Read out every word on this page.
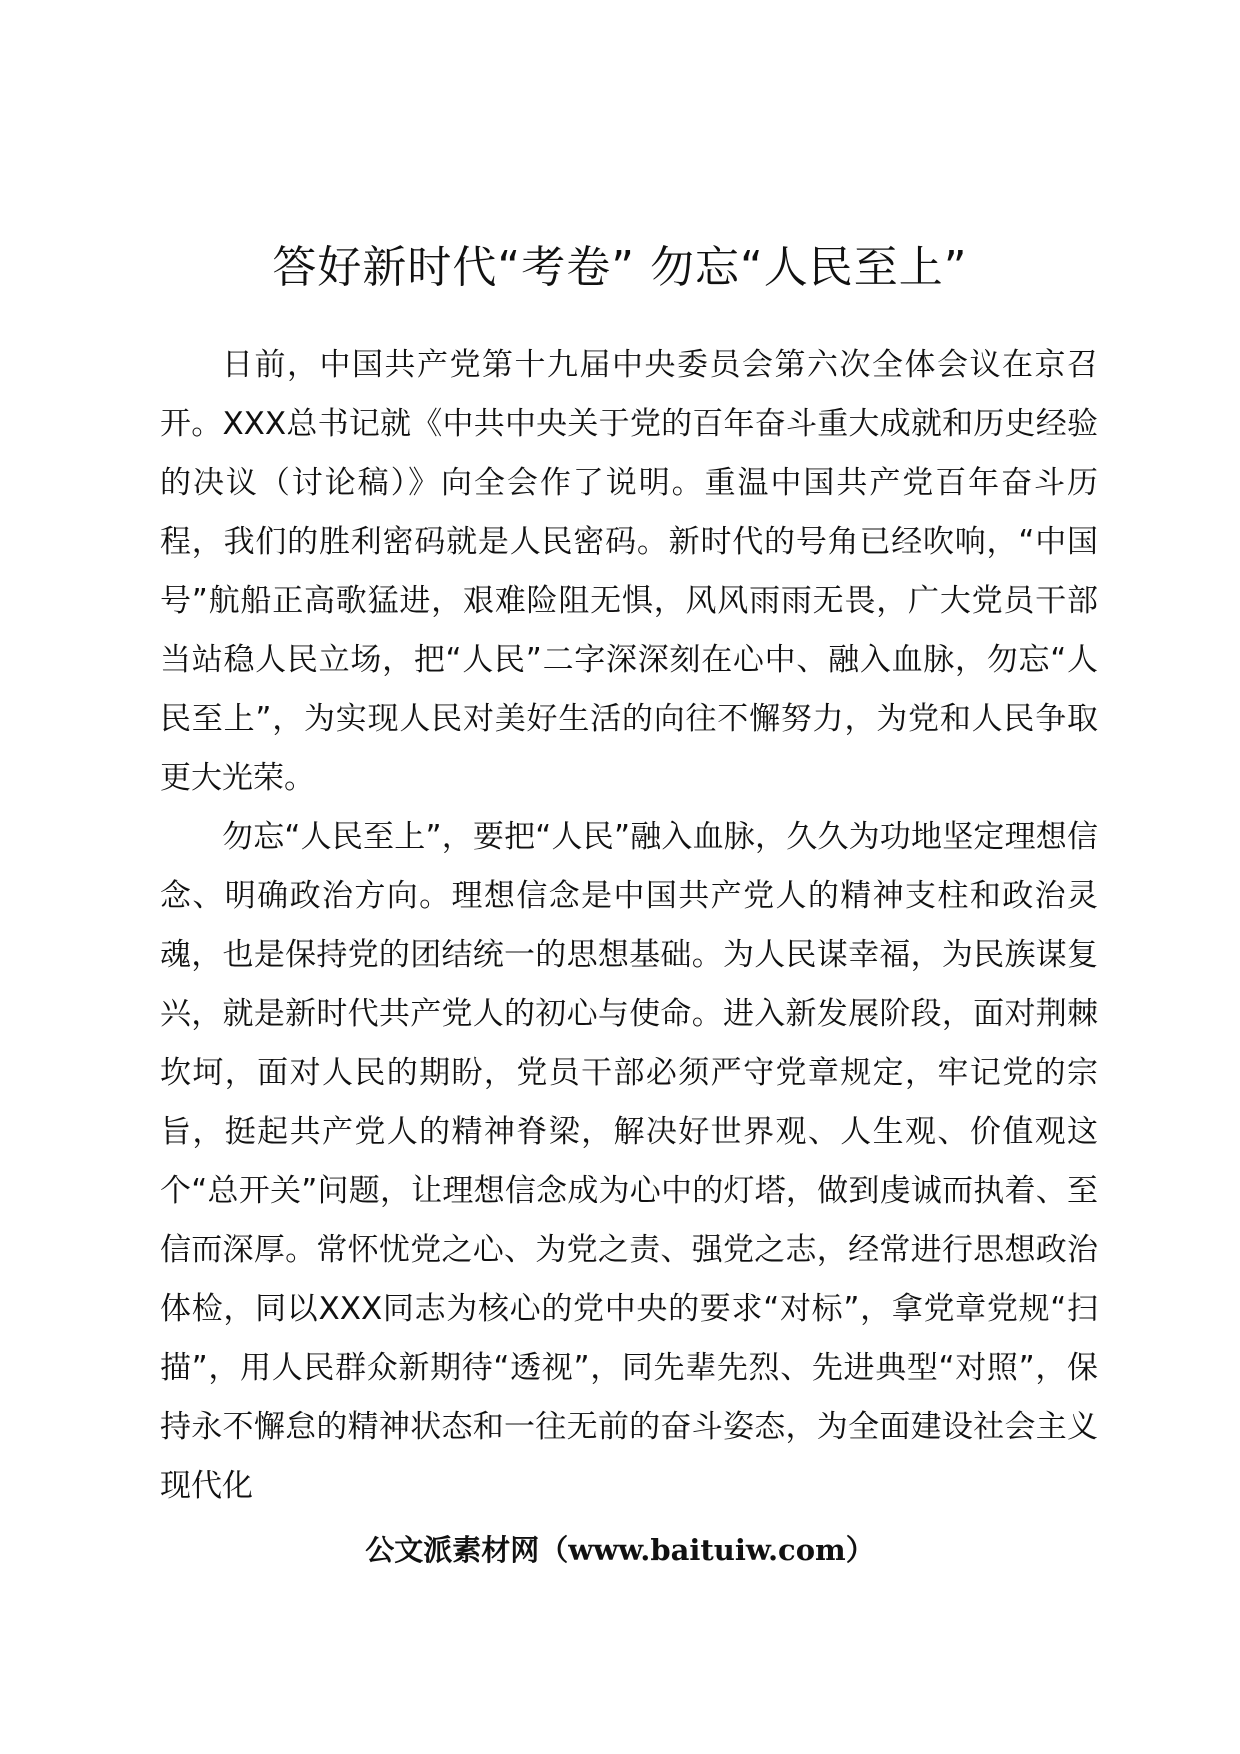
答好新时代“考卷” 勿忘“人民至上”

日前，中国共产党第十九届中央委员会第六次全体会议在京召开。XXX总书记就《中共中央关于党的百年奋斗重大成就和历史经验的决议（讨论稿）》向全会作了说明。重温中国共产党百年奋斗历程，我们的胜利密码就是人民密码。新时代的号角已经吹响，“中国号”航船正高歌猛进，艰难险阻无惧，风风雨雨无畏，广大党员干部当站稳人民立场，把“人民”二字深深刻在心中、融入血脉，勿忘“人民至上”，为实现人民对美好生活的向往不懈努力，为党和人民争取更大光荣。

勿忘“人民至上”，要把“人民”融入血脉，久久为功地坚定理想信念、明确政治方向。理想信念是中国共产党人的精神支柱和政治灵魂，也是保持党的团结统一的思想基础。为人民谋幸福，为民族谋复兴，就是新时代共产党人的初心与使命。进入新发展阶段，面对荆棘坎坷，面对人民的期盼，党员干部必须严守党章规定，牢记党的宗旨，挺起共产党人的精神脊梁，解决好世界观、人生观、价值观这个“总开关”问题，让理想信念成为心中的灯塔，做到虔诚而执着、至信而深厚。常怀忧党之心、为党之责、强党之志，经常进行思想政治体检，同以XXX同志为核心的党中央的要求“对标”，拿党章党规“扫描”，用人民群众新期待“透视”，同先辈先烈、先进典型“对照”，保持永不懈怠的精神状态和一往无前的奋斗姿态，为全面建设社会主义现代化

公文派素材网（www.baituiw.com）
